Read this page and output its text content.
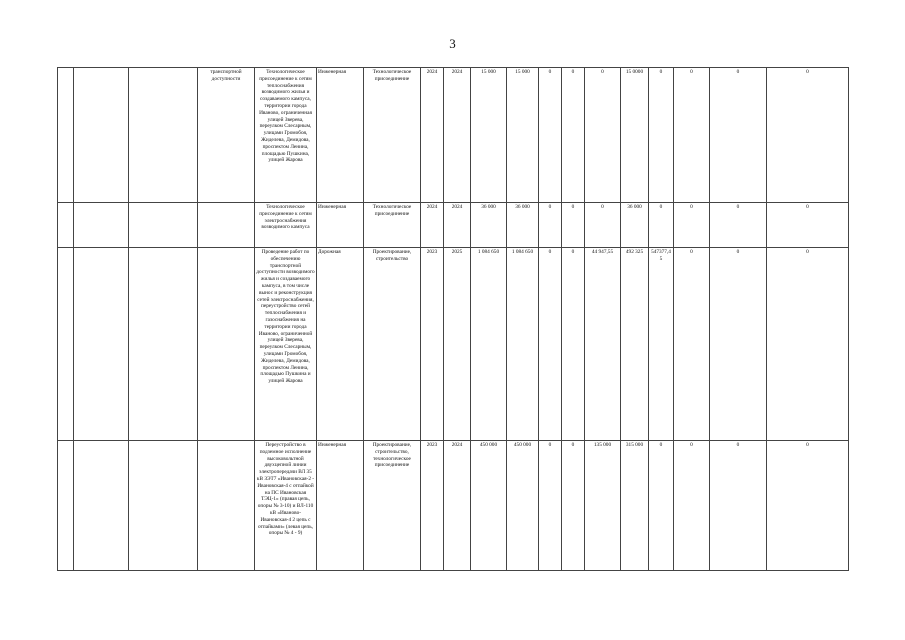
3
			транспортной доступности	Технологическое присоединение к сетям теплоснабжения возводимого жилья и создаваемого кампуса, территории города Иваново, ограниченная улицей Зверева, переулком Слесарным, улицами Громобоя, Жиделева, Демидова, проспектом Ленина, площадью Пушкина, улицей Жарова	Инженерная	Технологическое присоединение	2024	2024	15 000	15 000	0	0	0	15 0000	0	0	0	0
				Технологическое присоединение к сетям электроснабжения возводимого кампуса	Инженерная	Технологическое присоединение	2024	2024	36 000	36 000	0	0	0	36 000	0	0	0	0
				Проведение работ по обеспечению транспортной доступности возводимого жилья и создаваемого кампуса, в том числе вынос и реконструкция сетей электроснабжения, переустройство сетей теплоснабжения и газоснабжения на территории города Иваново, ограниченной улицей Зверева, переулком Слесарным, улицами Громобоя, Жиделева, Демидова, проспектом Ленина, площадью Пушкина и улицей Жарова	Дорожная	Проектирование, строительство	2023	2025	1 084 650	1 084 650	0	0	44 947,55	492 325	547377,45	0	0	0
				Переустройство в подземное исполнение высоковольтной двухцепной линии электропередачи ВЛ 35 кВ ЗЭТ7 «Ивановская-2 - Ивановская-4 с отпайкой на ПС Ивановская ТЭЦ-1» (правая цепь, опоры № 3-10) и ВЛ-110 кВ «Иваново-Ивановская-4 2 цепь с отпайками» (левая цепь, опоры № 4 - 9)	Инженерная	Проектирование, строительство, технологическое присоединение	2023	2024	450 000	450 000	0	0	135 000	315 000	0	0	0	0
